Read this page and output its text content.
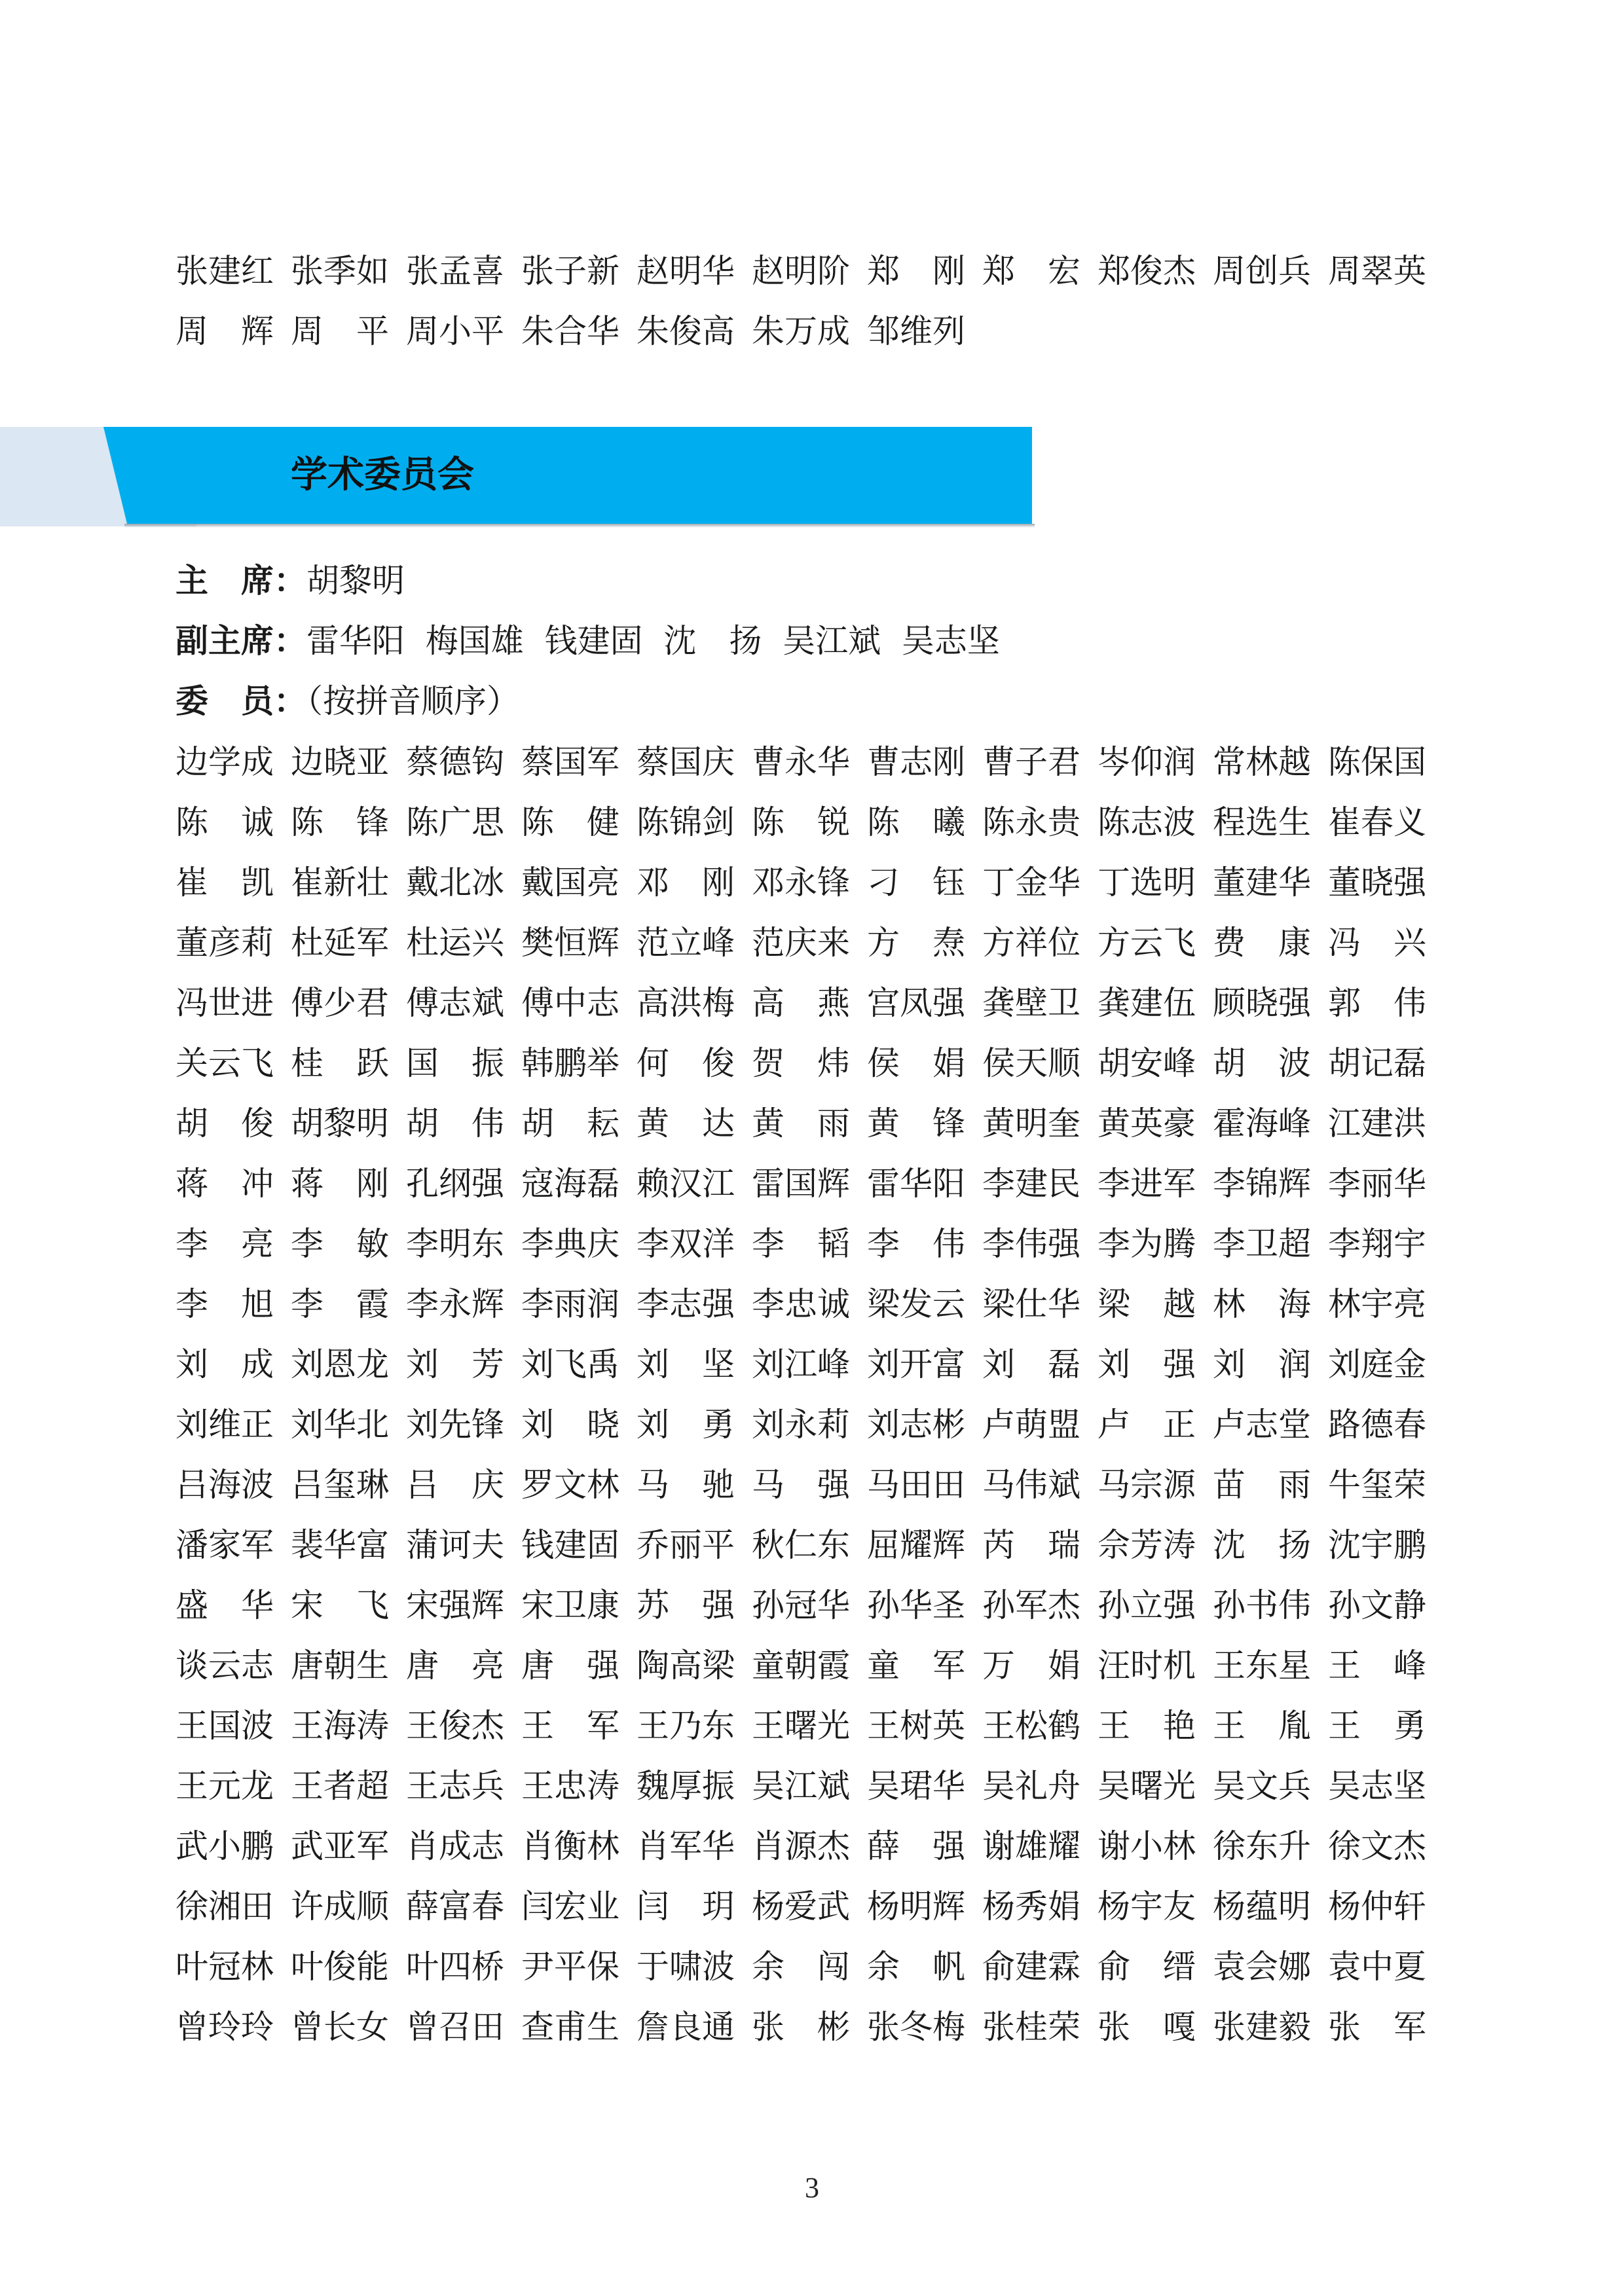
张建红 张季如 张孟喜 张子新 赵明华 赵明阶 郑 刚 郑 宏 郑俊杰 周创兵 周翠英
周 辉 周 平 周小平 朱合华 朱俊高 朱万成 邹维列
学术委员会
主　席：胡黎明
副主席：雷华阳  梅国雄  钱建固  沈　扬  吴江斌  吴志坚
委　员：（按拼音顺序）
边学成 边晓亚 蔡德钩 蔡国军 蔡国庆 曹永华 曹志刚 曹子君 岑仰润 常林越 陈保国
陈 诚 陈 锋 陈广思 陈 健 陈锦剑 陈 锐 陈 曦 陈永贵 陈志波 程选生 崔春义
崔 凯 崔新壮 戴北冰 戴国亮 邓 刚 邓永锋 刁 钰 丁金华 丁选明 董建华 董晓强
董彦莉 杜延军 杜运兴 樊恒辉 范立峰 范庆来 方 焘 方祥位 方云飞 费 康 冯 兴
冯世进 傅少君 傅志斌 傅中志 高洪梅 高 燕 宫凤强 龚壁卫 龚建伍 顾晓强 郭 伟
关云飞 桂 跃 国 振 韩鹏举 何 俊 贺 炜 侯 娟 侯天顺 胡安峰 胡 波 胡记磊
胡 俊 胡黎明 胡 伟 胡 耘 黄 达 黄 雨 黄 锋 黄明奎 黄英豪 霍海峰 江建洪
蒋 冲 蒋 刚 孔纲强 寇海磊 赖汉江 雷国辉 雷华阳 李建民 李进军 李锦辉 李丽华
李 亮 李 敏 李明东 李典庆 李双洋 李 韬 李 伟 李伟强 李为腾 李卫超 李翔宇
李 旭 李 霞 李永辉 李雨润 李志强 李忠诚 梁发云 梁仕华 梁 越 林 海 林宇亮
刘 成 刘恩龙 刘 芳 刘飞禹 刘 坚 刘江峰 刘开富 刘 磊 刘 强 刘 润 刘庭金
刘维正 刘华北 刘先锋 刘 晓 刘 勇 刘永莉 刘志彬 卢萌盟 卢 正 卢志堂 路德春
吕海波 吕玺琳 吕 庆 罗文林 马 驰 马 强 马田田 马伟斌 马宗源 苗 雨 牛玺荣
潘家军 裴华富 蒲诃夫 钱建固 乔丽平 秋仁东 屈耀辉 芮 瑞 佘芳涛 沈 扬 沈宇鹏
盛 华 宋 飞 宋强辉 宋卫康 苏 强 孙冠华 孙华圣 孙军杰 孙立强 孙书伟 孙文静
谈云志 唐朝生 唐 亮 唐 强 陶高梁 童朝霞 童 军 万 娟 汪时机 王东星 王 峰
王国波 王海涛 王俊杰 王 军 王乃东 王曙光 王树英 王松鹤 王 艳 王 胤 王 勇
王元龙 王者超 王志兵 王忠涛 魏厚振 吴江斌 吴珺华 吴礼舟 吴曙光 吴文兵 吴志坚
武小鹏 武亚军 肖成志 肖衡林 肖军华 肖源杰 薛 强 谢雄耀 谢小林 徐东升 徐文杰
徐湘田 许成顺 薛富春 闫宏业 闫 玥 杨爱武 杨明辉 杨秀娟 杨宇友 杨蕴明 杨仲轩
叶冠林 叶俊能 叶四桥 尹平保 于啸波 余 闯 余 帆 俞建霖 俞 缙 袁会娜 袁中夏
曾玲玲 曾长女 曾召田 查甫生 詹良通 张 彬 张冬梅 张桂荣 张 嘎 张建毅 张 军
3
